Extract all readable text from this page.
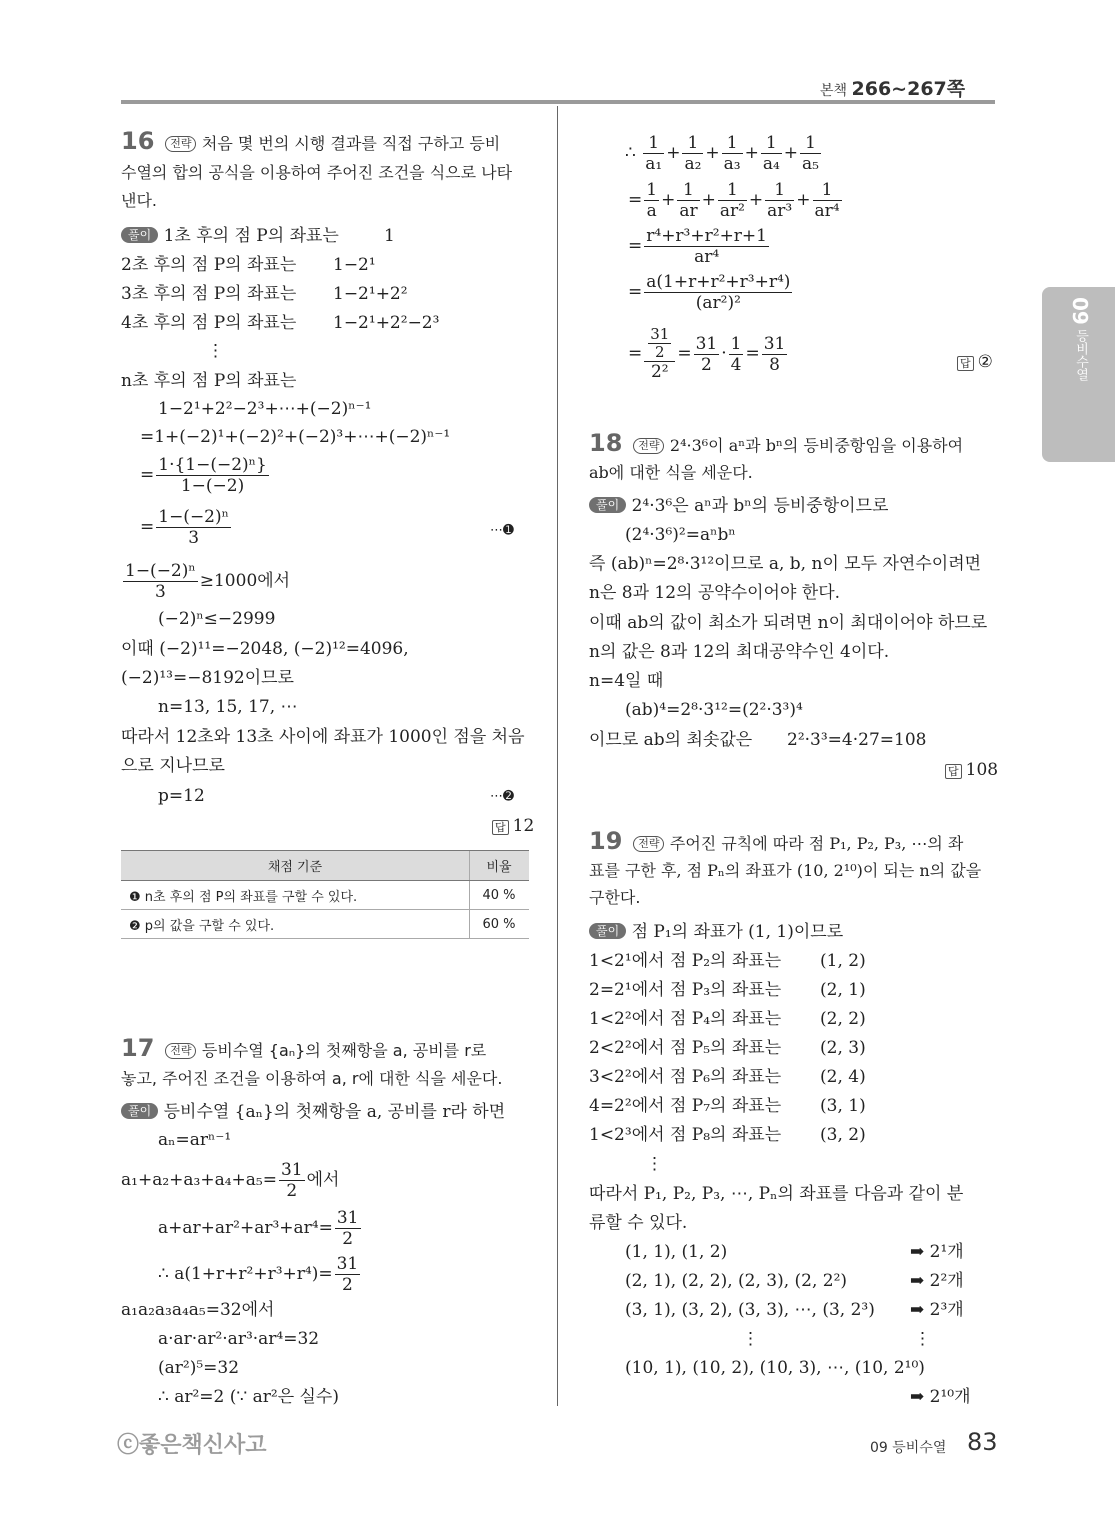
본책 266~267쪽
09 등비수열
16 전략 처음 몇 번의 시행 결과를 직접 구하고 등비
수열의 합의 공식을 이용하여 주어진 조건을 식으로 나타
낸다.
풀이 1초 후의 점 P의 좌표는	1
2초 후의 점 P의 좌표는 1−2¹
3초 후의 점 P의 좌표는 1−2¹+2²
4초 후의 점 P의 좌표는 1−2¹+2²−2³
⋮
n초 후의 점 P의 좌표는
1−2¹+2²−2³+⋯+(−2)ⁿ⁻¹
=1+(−2)¹+(−2)²+(−2)³+⋯+(−2)ⁿ⁻¹
= $\frac{\text{1·\{1−(−2)ⁿ\}}}{1-(-2)}$
= $\frac{\text{1−(−2)ⁿ}}{3}$	⋯➊
$\frac{\text{1−(−2)ⁿ}}{3} \ge 1000$에서
(−2)ⁿ≤−2999
이때 (−2)¹¹=−2048, (−2)¹²=4096,
(−2)¹³=−8192이므로
n=13, 15, 17, ⋯
따라서 12초와 13초 사이에 좌표가 1000인 점을 처음
으로 지나므로
p=12	⋯➋
답 12
채점 기준	비율
❶ n초 후의 점 P의 좌표를 구할 수 있다.	40 %
❷ p의 값을 구할 수 있다.	60 %
17 전략 등비수열 {aₙ}의 첫째항을 a, 공비를 r로
놓고, 주어진 조건을 이용하여 a, r에 대한 식을 세운다.
풀이 등비수열 {aₙ}의 첫째항을 a, 공비를 r라 하면
aₙ=arⁿ⁻¹
$a_1+a_2+a_3+a_4+a_5= \frac{31}{2}$ 에서
$a+ar+ar^2+ar^3+ar^4= \frac{31}{2}$
∴ $a(1+r+r^2+r^3+r^4)= \frac{31}{2}$
a₁a₂a₃a₄a₅=32에서
a·ar·ar²·ar³·ar⁴=32
(ar²)⁵=32
∴ ar²=2 (∵ ar²은 실수)
∴ $\frac{1}{\text{a₁}} + \frac{1}{\text{a₂}} + \frac{1}{\text{a₃}} + \frac{1}{\text{a₄}} + \frac{1}{\text{a₅}}$
= $\frac{1}{a} + \frac{1}{ar} + \frac{1}{\text{ar²}} + \frac{1}{\text{ar³}} + \frac{1}{\text{ar⁴}}$
= $\frac{\text{r⁴+r³+r²+r+1}}{\text{ar⁴}}$
= $\frac{\text{a(1+r+r²+r³+r⁴)}}{\text{(ar²)²}}$
= $\frac{\frac{31}{2}}{\text{2²}} = \frac{31}{2} \cdot \frac{1}{4} = \frac{31}{8}$	답 ②
18 전략 2⁴·3⁶이 aⁿ과 bⁿ의 등비중항임을 이용하여
ab에 대한 식을 세운다.
풀이 2⁴·3⁶은 aⁿ과 bⁿ의 등비중항이므로
(2⁴·3⁶)²=aⁿbⁿ
즉 (ab)ⁿ=2⁸·3¹²이므로 a, b, n이 모두 자연수이려면
n은 8과 12의 공약수이어야 한다.
이때 ab의 값이 최소가 되려면 n이 최대이어야 하므로
n의 값은 8과 12의 최대공약수인 4이다.
n=4일 때
(ab)⁴=2⁸·3¹²=(2²·3³)⁴
이므로 ab의 최솟값은 2²·3³=4·27=108
답 108
19 전략 주어진 규칙에 따라 점 P₁, P₂, P₃, ⋯의 좌
표를 구한 후, 점 Pₙ의 좌표가 (10, 2¹⁰)이 되는 n의 값을
구한다.
풀이 점 P₁의 좌표가 (1, 1)이므로
1<2¹에서 점 P₂의 좌표는 (1, 2)
2=2¹에서 점 P₃의 좌표는 (2, 1)
1<2²에서 점 P₄의 좌표는 (2, 2)
2<2²에서 점 P₅의 좌표는 (2, 3)
3<2²에서 점 P₆의 좌표는 (2, 4)
4=2²에서 점 P₇의 좌표는 (3, 1)
1<2³에서 점 P₈의 좌표는 (3, 2)
⋮
따라서 P₁, P₂, P₃, ⋯, Pₙ의 좌표를 다음과 같이 분
류할 수 있다.
(1, 1), (1, 2)	➡ 2¹개
(2, 1), (2, 2), (2, 3), (2, 2²)	➡ 2²개
(3, 1), (3, 2), (3, 3), ⋯, (3, 2³) ➡ 2³개
⋮	⋮
(10, 1), (10, 2), (10, 3), ⋯, (10, 2¹⁰)
➡ 2¹⁰개
ⓒ좋은책신사고	09 등비수열 83
